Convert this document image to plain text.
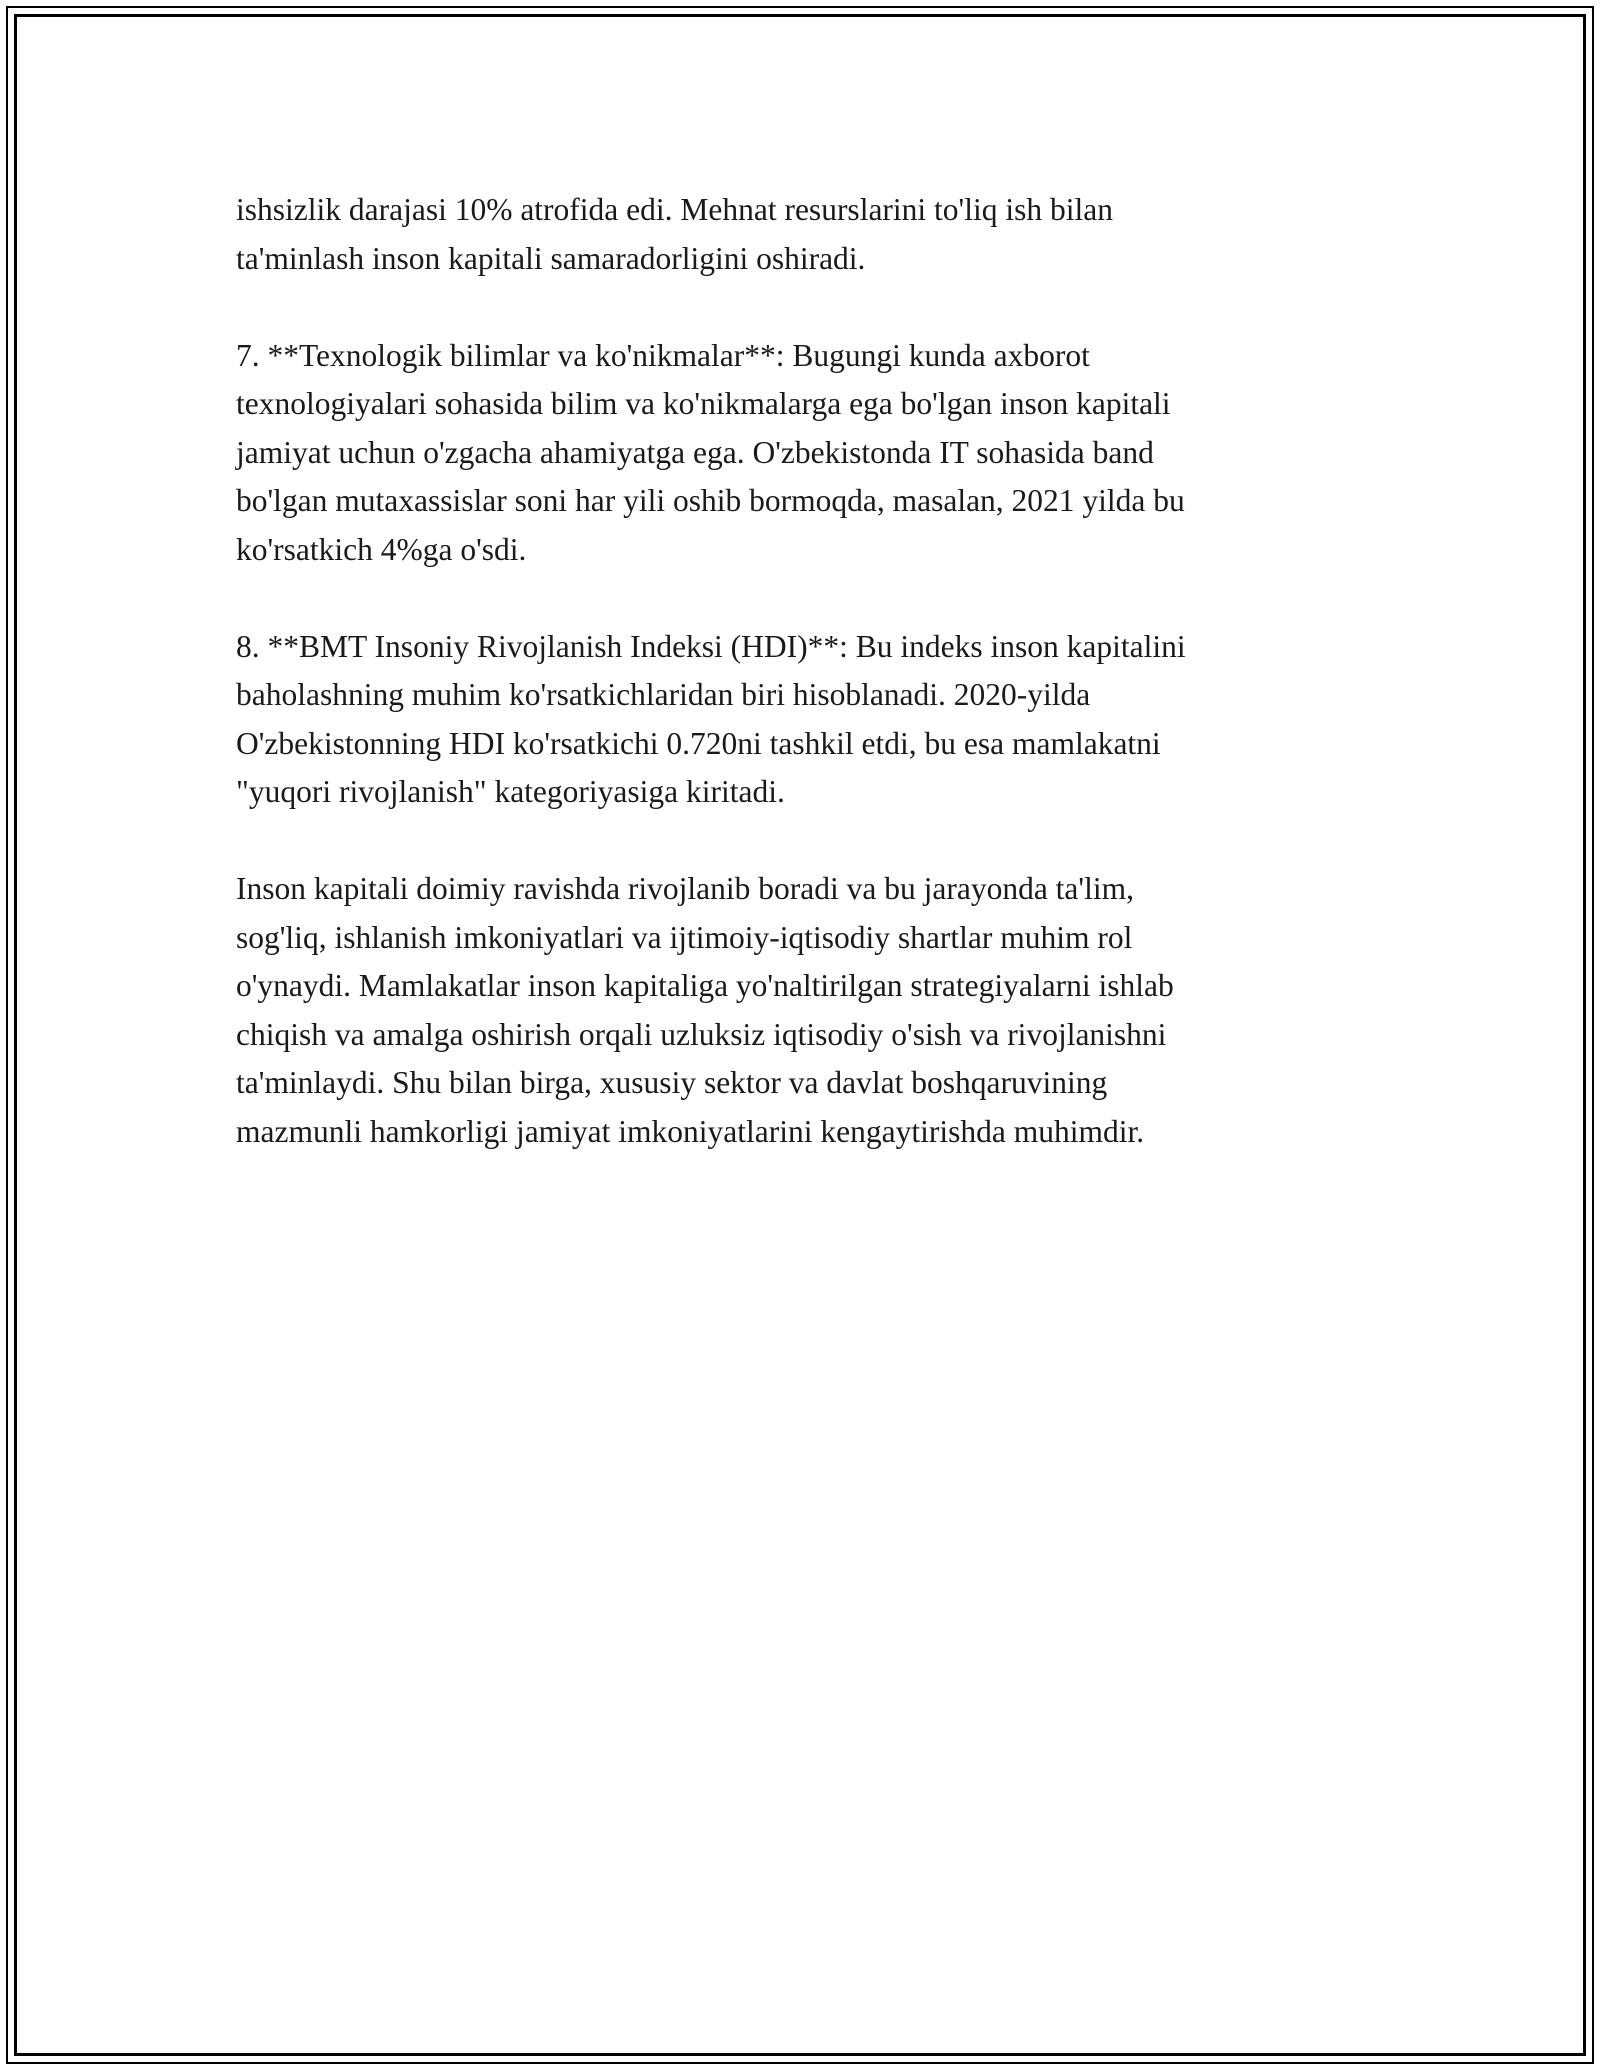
ishsizlik darajasi 10% atrofida edi. Mehnat resurslarini to'liq ish bilan
ta'minlash inson kapitali samaradorligini oshiradi.

7. **Texnologik bilimlar va ko'nikmalar**: Bugungi kunda axborot
texnologiyalari sohasida bilim va ko'nikmalarga ega bo'lgan inson kapitali
jamiyat uchun o'zgacha ahamiyatga ega. O'zbekistonda IT sohasida band
bo'lgan mutaxassislar soni har yili oshib bormoqda, masalan, 2021 yilda bu
ko'rsatkich 4%ga o'sdi.

8. **BMT Insoniy Rivojlanish Indeksi (HDI)**: Bu indeks inson kapitalini
baholashning muhim ko'rsatkichlaridan biri hisoblanadi. 2020-yilda
O'zbekistonning HDI ko'rsatkichi 0.720ni tashkil etdi, bu esa mamlakatni
"yuqori rivojlanish" kategoriyasiga kiritadi.

Inson kapitali doimiy ravishda rivojlanib boradi va bu jarayonda ta'lim,
sog'liq, ishlanish imkoniyatlari va ijtimoiy-iqtisodiy shartlar muhim rol
o'ynaydi. Mamlakatlar inson kapitaliga yo'naltirilgan strategiyalarni ishlab
chiqish va amalga oshirish orqali uzluksiz iqtisodiy o'sish va rivojlanishni
ta'minlaydi. Shu bilan birga, xususiy sektor va davlat boshqaruvining
mazmunli hamkorligi jamiyat imkoniyatlarini kengaytirishda muhimdir.
